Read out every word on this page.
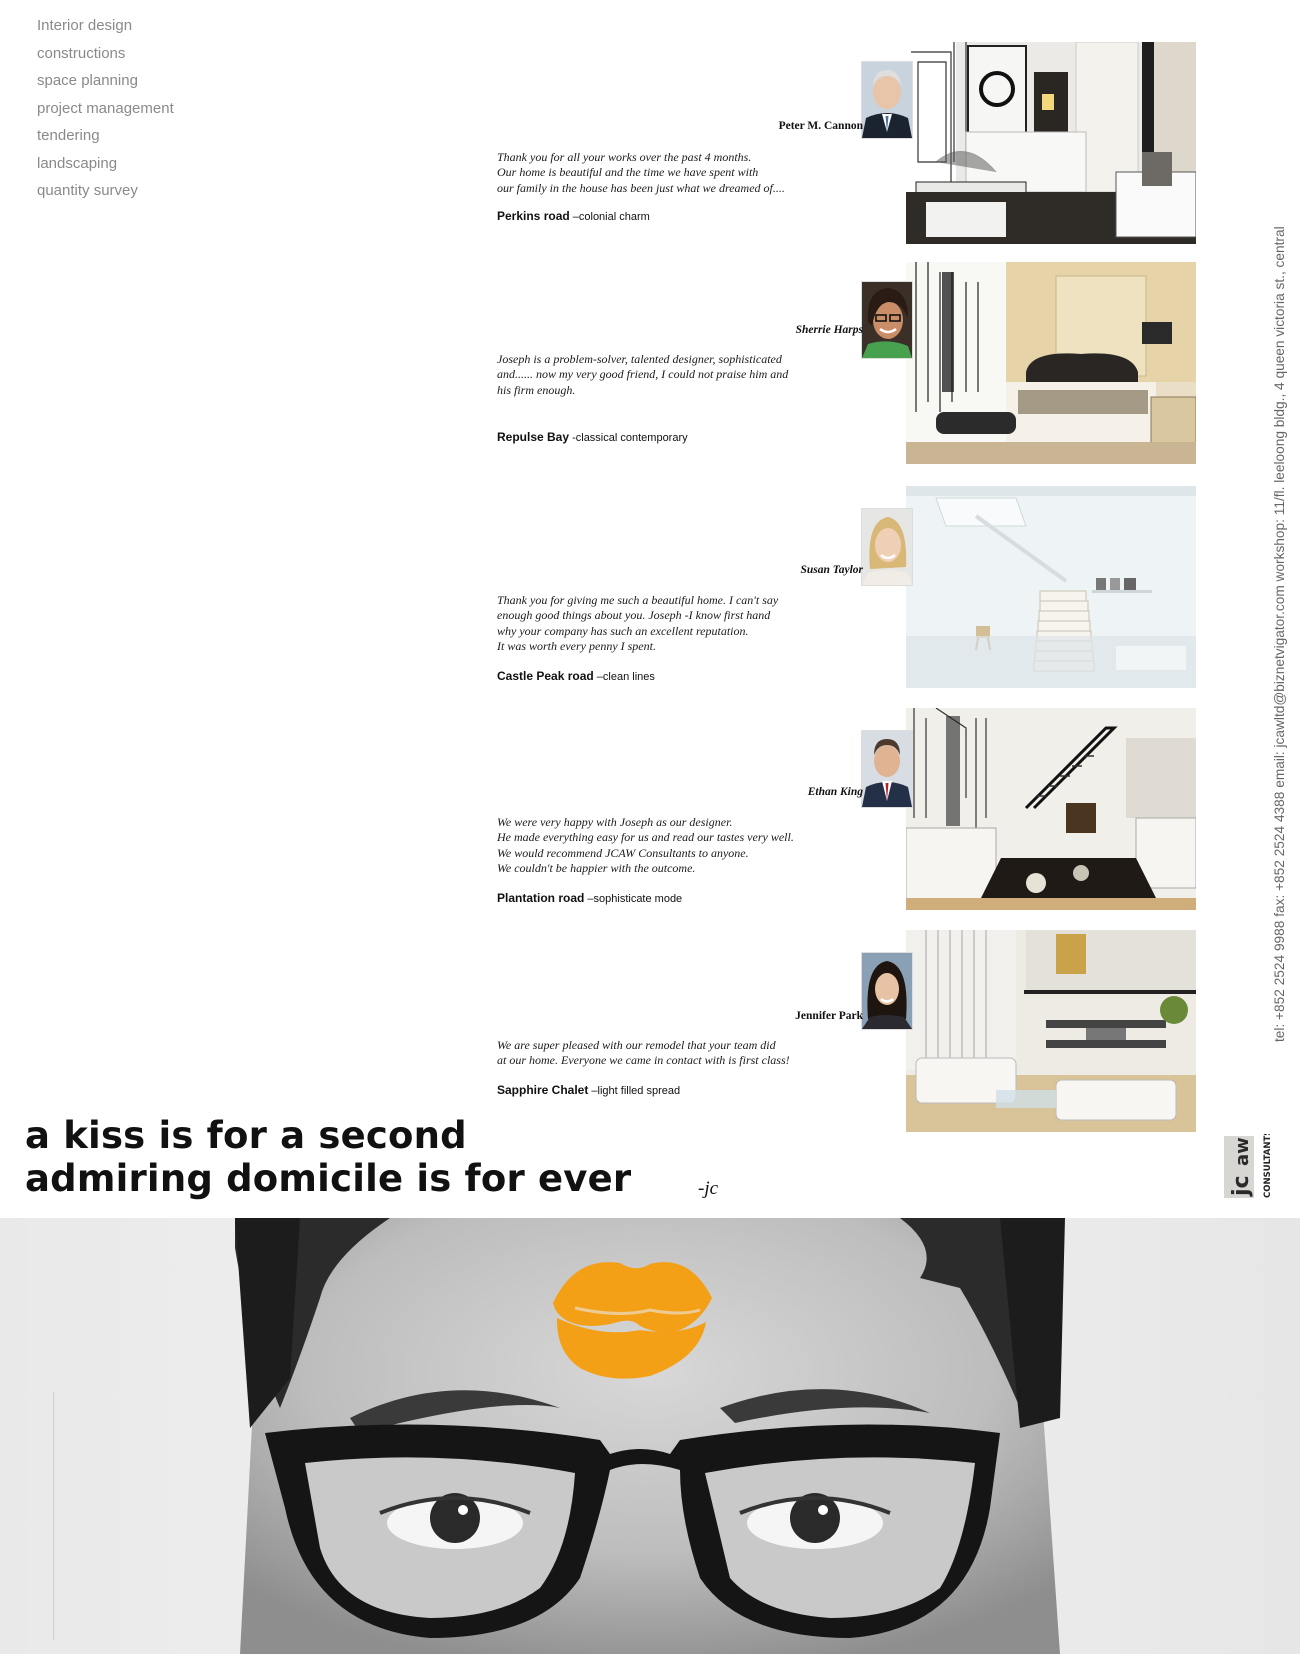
Interior design
constructions
space planning
project management
tendering
landscaping
quantity survey
Peter M. Cannon

Thank you for all your works over the past 4 months.
Our home is beautiful and the time we have spent with
our family in the house has been just what we dreamed of....

Perkins road –colonial charm
Sherrie Harps

Joseph is a problem-solver, talented designer, sophisticated
and...... now my very good friend, I could not praise him and
his firm enough.

Repulse Bay -classical contemporary
Susan Taylor

Thank you for giving me such a beautiful home. I can't say
enough good things about you. Joseph -I know first hand
why your company has such an excellent reputation.
It was worth every penny I spent.

Castle Peak road –clean lines
Ethan King

We were very happy with Joseph as our designer.
He made everything easy for us and read our tastes very well.
We would recommend JCAW Consultants to anyone.
We couldn't be happier with the outcome.

Plantation road –sophisticate mode
Jennifer Park

We are super pleased with our remodel that your team did
at our home. Everyone we came in contact with is first class!

Sapphire Chalet –light filled spread
a kiss is for a second
admiring domicile is for ever	-jc
tel: +852 2524 9988 fax: +852 2524 4388 email: jcawltd@biznetvigator.com workshop: 11/fl. leeloong bldg., 4 queen victoria st., central
jc
aw CONSULTANTS
_______________________________________________
